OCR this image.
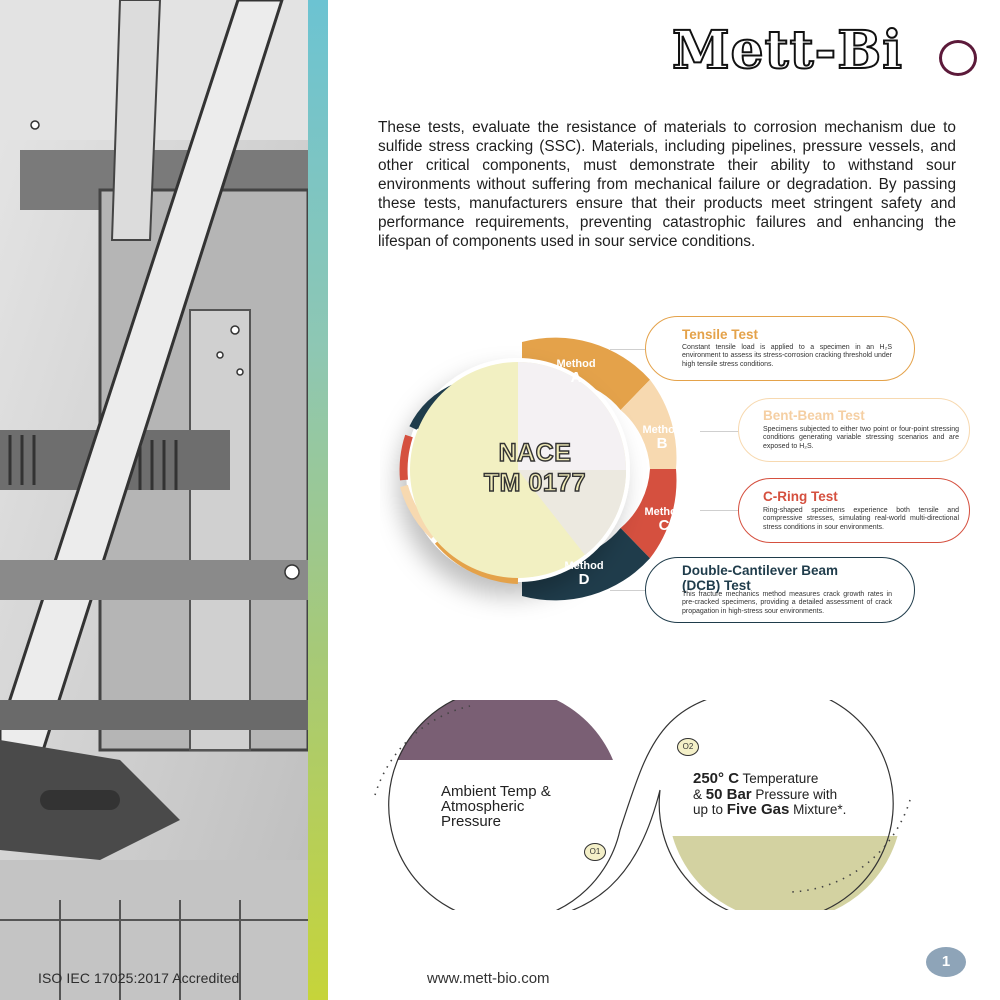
ISO IEC 17025:2017 Accredited
Mett-Bi

These tests, evaluate the resistance of materials to corrosion mechanism due to sulfide stress cracking (SSC). Materials, including pipelines, pressure vessels, and other critical components, must demonstrate their ability to withstand sour environments without suffering from mechanical failure or degradation. By passing these tests, manufacturers ensure that their products meet stringent safety and performance requirements, preventing catastrophic failures and enhancing the lifespan of components used in sour service conditions.

Method
A
Method
B
Method
C
Method
D
NACE
TM 0177
Tensile Test
Constant tensile load is applied to a specimen in an H₂S environment to assess its stress-corrosion cracking threshold under high tensile stress conditions.
Bent-Beam Test
Specimens subjected to either two point or four-point stressing conditions generating variable stressing scenarios and are exposed to H₂S.
C-Ring Test
Ring-shaped specimens experience both tensile and compressive stresses, simulating real-world multi-directional stress conditions in sour environments.
Double-Cantilever Beam (DCB) Test
This fracture mechanics method measures crack growth rates in pre-cracked specimens, providing a detailed assessment of crack propagation in high-stress sour environments.
O1
O2
Ambient Temp &
Atmospheric
Pressure
250° C Temperature
& 50 Bar Pressure with
up to Five Gas Mixture*.
www.mett-bio.com
1
